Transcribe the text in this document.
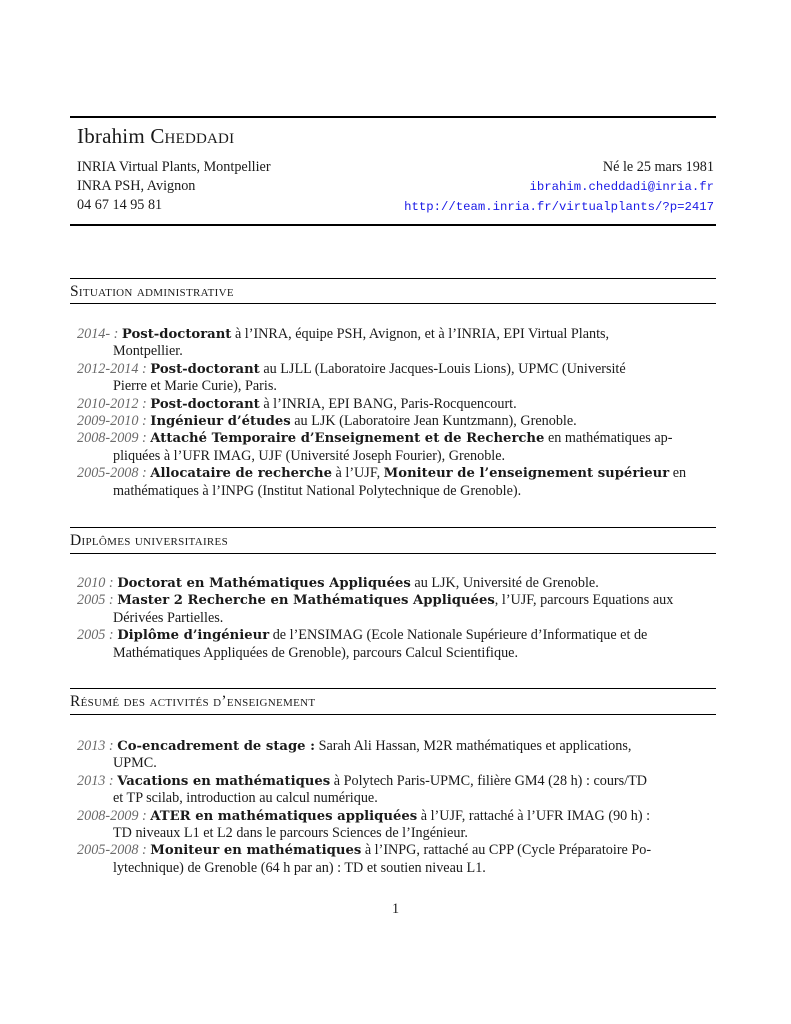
Ibrahim Cheddadi
INRIA Virtual Plants, Montpellier
INRA PSH, Avignon
04 67 14 95 81
Né le 25 mars 1981
ibrahim.cheddadi@inria.fr
http://team.inria.fr/virtualplants/?p=2417
Situation administrative
2014- : Post-doctorant à l’INRA, équipe PSH, Avignon, et à l’INRIA, EPI Virtual Plants,
Montpellier.
2012-2014 : Post-doctorant au LJLL (Laboratoire Jacques-Louis Lions), UPMC (Université
Pierre et Marie Curie), Paris.
2010-2012 : Post-doctorant à l’INRIA, EPI BANG, Paris-Rocquencourt.
2009-2010 : Ingénieur d’études au LJK (Laboratoire Jean Kuntzmann), Grenoble.
2008-2009 : Attaché Temporaire d’Enseignement et de Recherche en mathématiques ap-
pliquées à l’UFR IMAG, UJF (Université Joseph Fourier), Grenoble.
2005-2008 : Allocataire de recherche à l’UJF, Moniteur de l’enseignement supérieur en
mathématiques à l’INPG (Institut National Polytechnique de Grenoble).
Diplômes universitaires
2010 : Doctorat en Mathématiques Appliquées au LJK, Université de Grenoble.
2005 : Master 2 Recherche en Mathématiques Appliquées, l’UJF, parcours Equations aux
Dérivées Partielles.
2005 : Diplôme d’ingénieur de l’ENSIMAG (Ecole Nationale Supérieure d’Informatique et de
Mathématiques Appliquées de Grenoble), parcours Calcul Scientifique.
Résumé des activités d’enseignement
2013 : Co-encadrement de stage : Sarah Ali Hassan, M2R mathématiques et applications,
UPMC.
2013 : Vacations en mathématiques à Polytech Paris-UPMC, filière GM4 (28 h) : cours/TD
et TP scilab, introduction au calcul numérique.
2008-2009 : ATER en mathématiques appliquées à l’UJF, rattaché à l’UFR IMAG (90 h) :
TD niveaux L1 et L2 dans le parcours Sciences de l’Ingénieur.
2005-2008 : Moniteur en mathématiques à l’INPG, rattaché au CPP (Cycle Préparatoire Po-
lytechnique) de Grenoble (64 h par an) : TD et soutien niveau L1.
1
